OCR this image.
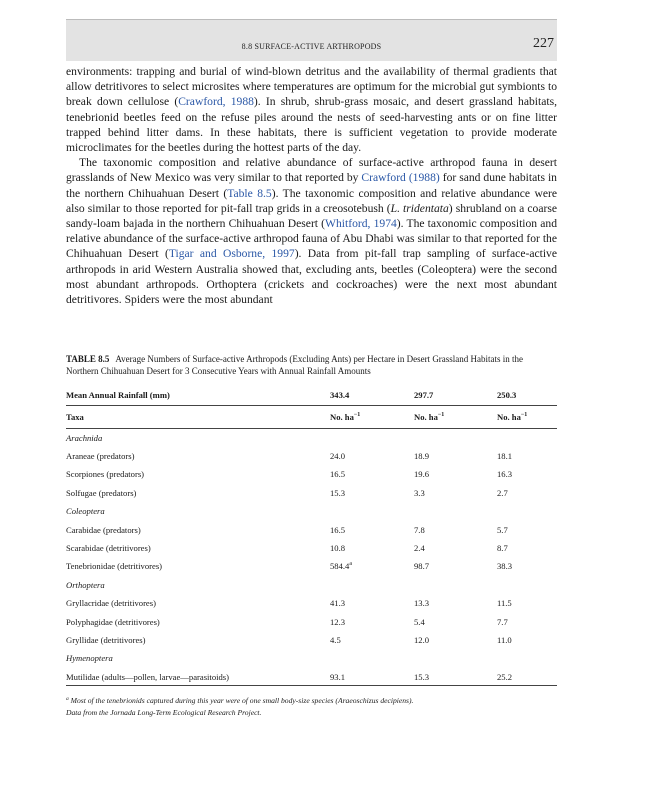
8.8 SURFACE-ACTIVE ARTHROPODS	227

environments: trapping and burial of wind-blown detritus and the availability of thermal gradients that allow detritivores to select microsites where temperatures are optimum for the microbial gut symbionts to break down cellulose (Crawford, 1988). In shrub, shrub-grass mosaic, and desert grassland habitats, tenebrionid beetles feed on the refuse piles around the nests of seed-harvesting ants or on fine litter trapped behind litter dams. In these habitats, there is sufficient vegetation to provide moderate microclimates for the beetles during the hottest parts of the day.

The taxonomic composition and relative abundance of surface-active arthropod fauna in desert grasslands of New Mexico was very similar to that reported by Crawford (1988) for sand dune habitats in the northern Chihuahuan Desert (Table 8.5). The taxonomic composition and relative abundance were also similar to those reported for pit-fall trap grids in a creosotebush (L. tridentata) shrubland on a coarse sandy-loam bajada in the northern Chihuahuan Desert (Whitford, 1974). The taxonomic composition and relative abundance of the surface-active arthropod fauna of Abu Dhabi was similar to that reported for the Chihuahuan Desert (Tigar and Osborne, 1997). Data from pit-fall trap sampling of surface-active arthropods in arid Western Australia showed that, excluding ants, beetles (Coleoptera) were the second most abundant arthropods. Orthoptera (crickets and cockroaches) were the next most abundant detritivores. Spiders were the most abundant

TABLE 8.5 Average Numbers of Surface-active Arthropods (Excluding Ants) per Hectare in Desert Grassland Habitats in the Northern Chihuahuan Desert for 3 Consecutive Years with Annual Rainfall Amounts
Mean Annual Rainfall (mm)	343.4	297.7	250.3
Taxa	No. $ha^{-1}$	No. $ha^{-1}$	No. $ha^{-1}$
Arachnida			
Araneae (predators)	24.0	18.9	18.1
Scorpiones (predators)	16.5	19.6	16.3
Solfugae (predators)	15.3	3.3	2.7
Coleoptera			
Carabidae (predators)	16.5	7.8	5.7
Scarabidae (detritivores)	10.8	2.4	8.7
Tenebrionidae (detritivores)	584.4$^a$	98.7	38.3
Orthoptera			
Gryllacridae (detritivores)	41.3	13.3	11.5
Polyphagidae (detritivores)	12.3	5.4	7.7
Gryllidae (detritivores)	4.5	12.0	11.0
Hymenoptera			
Mutilidae (adults—pollen, larvae—parasitoids)	93.1	15.3	25.2
$^a$ Most of the tenebrionids captured during this year were of one small body-size species (Araeoschizus decipiens).
Data from the Jornada Long-Term Ecological Research Project.
